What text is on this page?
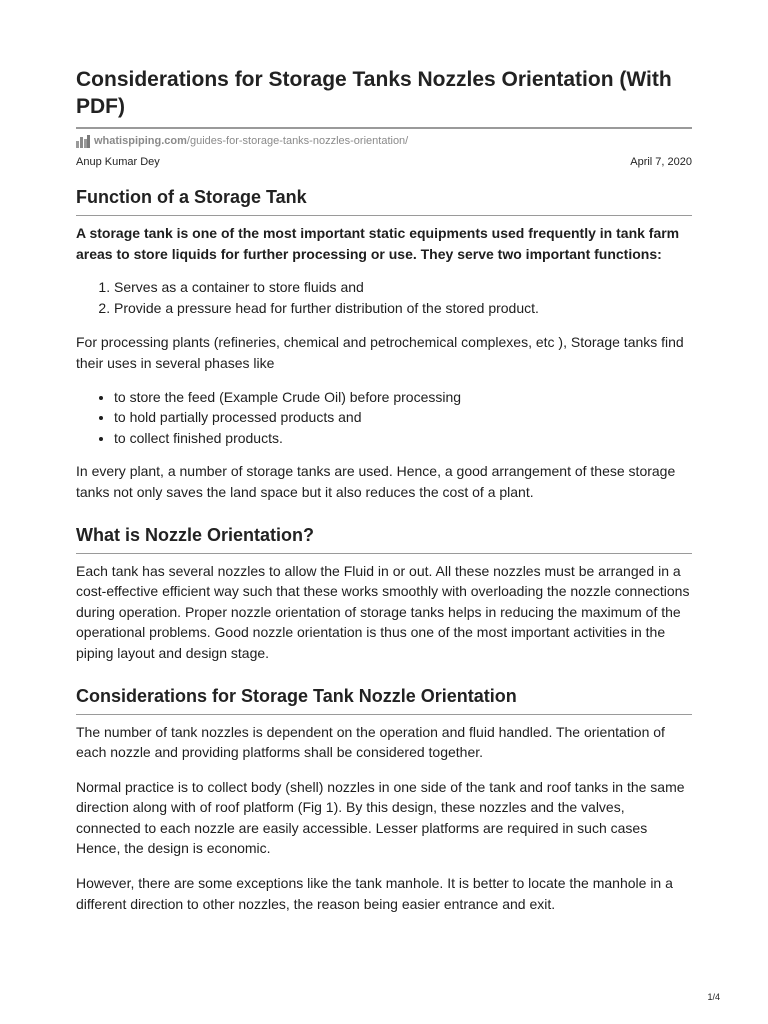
Considerations for Storage Tanks Nozzles Orientation (With PDF)
whatispiping.com /guides-for-storage-tanks-nozzles-orientation/
Anup Kumar Dey	April 7, 2020
Function of a Storage Tank

A storage tank is one of the most important static equipments used frequently in tank farm areas to store liquids for further processing or use. They serve two important functions:

1. Serves as a container to store fluids and
2. Provide a pressure head for further distribution of the stored product.

For processing plants (refineries, chemical and petrochemical complexes, etc ), Storage tanks find their uses in several phases like

• to store the feed (Example Crude Oil) before processing
• to hold partially processed products and
• to collect finished products.

In every plant, a number of storage tanks are used. Hence, a good arrangement of these storage tanks not only saves the land space but it also reduces the cost of a plant.

What is Nozzle Orientation?

Each tank has several nozzles to allow the Fluid in or out. All these nozzles must be arranged in a cost-effective efficient way such that these works smoothly with overloading the nozzle connections during operation. Proper nozzle orientation of storage tanks helps in reducing the maximum of the operational problems. Good nozzle orientation is thus one of the most important activities in the piping layout and design stage.

Considerations for Storage Tank Nozzle Orientation

The number of tank nozzles is dependent on the operation and fluid handled. The orientation of each nozzle and providing platforms shall be considered together.

Normal practice is to collect body (shell) nozzles in one side of the tank and roof tanks in the same direction along with of roof platform (Fig 1). By this design, these nozzles and the valves, connected to each nozzle are easily accessible. Lesser platforms are required in such cases Hence, the design is economic.

However, there are some exceptions like the tank manhole. It is better to locate the manhole in a different direction to other nozzles, the reason being easier entrance and exit.

1/4
